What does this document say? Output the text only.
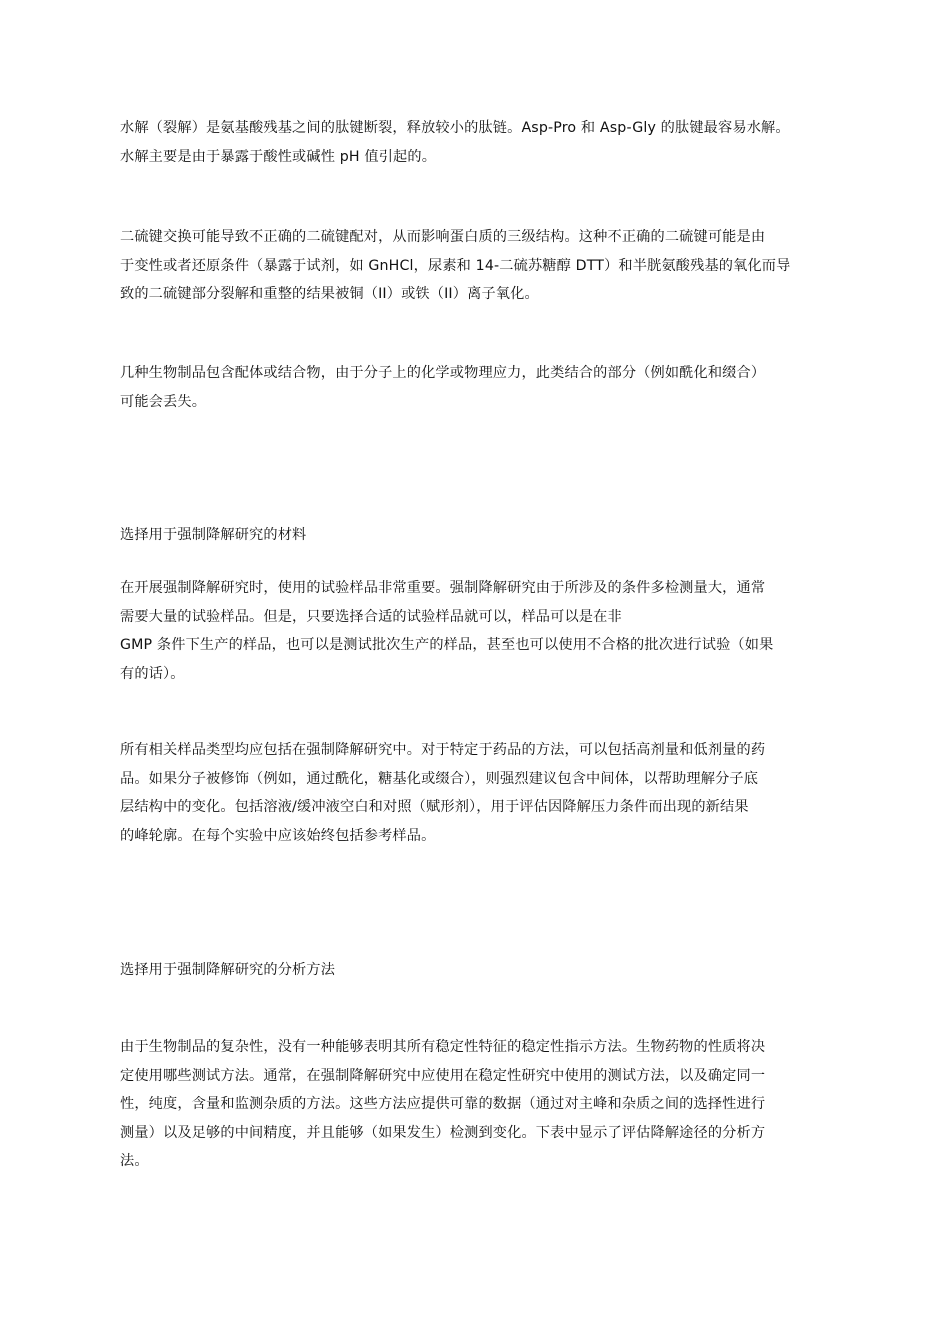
水解（裂解）是氨基酸残基之间的肽键断裂，释放较小的肽链。Asp-Pro 和 Asp-Gly 的肽键最容易水解。
水解主要是由于暴露于酸性或碱性 pH 值引起的。
二硫键交换可能导致不正确的二硫键配对，从而影响蛋白质的三级结构。这种不正确的二硫键可能是由
于变性或者还原条件（暴露于试剂，如 GnHCl，尿素和 14-二硫苏糖醇 DTT）和半胱氨酸残基的氧化而导
致的二硫键部分裂解和重整的结果被铜（II）或铁（II）离子氧化。
几种生物制品包含配体或结合物，由于分子上的化学或物理应力，此类结合的部分（例如酰化和缀合）
可能会丢失。
选择用于强制降解研究的材料
在开展强制降解研究时，使用的试验样品非常重要。强制降解研究由于所涉及的条件多检测量大，通常
需要大量的试验样品。但是，只要选择合适的试验样品就可以，样品可以是在非
GMP 条件下生产的样品，也可以是测试批次生产的样品，甚至也可以使用不合格的批次进行试验（如果
有的话）。
所有相关样品类型均应包括在强制降解研究中。对于特定于药品的方法，可以包括高剂量和低剂量的药
品。如果分子被修饰（例如，通过酰化，糖基化或缀合），则强烈建议包含中间体，以帮助理解分子底
层结构中的变化。包括溶液/缓冲液空白和对照（赋形剂），用于评估因降解压力条件而出现的新结果
的峰轮廓。在每个实验中应该始终包括参考样品。
选择用于强制降解研究的分析方法
由于生物制品的复杂性，没有一种能够表明其所有稳定性特征的稳定性指示方法。生物药物的性质将决
定使用哪些测试方法。通常，在强制降解研究中应使用在稳定性研究中使用的测试方法，以及确定同一
性，纯度，含量和监测杂质的方法。这些方法应提供可靠的数据（通过对主峰和杂质之间的选择性进行
测量）以及足够的中间精度，并且能够（如果发生）检测到变化。下表中显示了评估降解途径的分析方
法。
